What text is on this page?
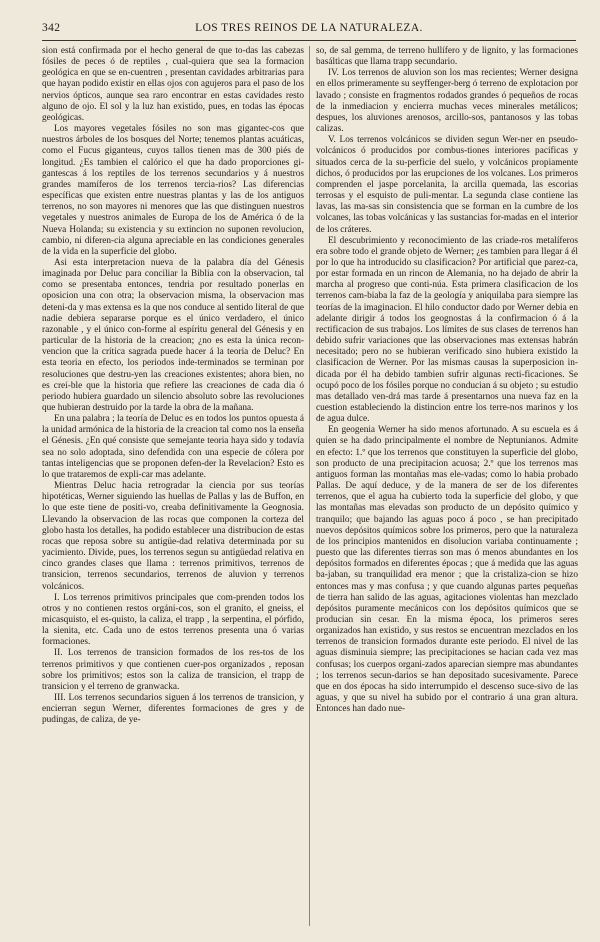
342	LOS TRES REINOS DE LA NATURALEZA.

sion está confirmada por el hecho general de que to-das las cabezas fósiles de peces ó de reptiles , cual-quiera que sea la formacion geológica en que se en-cuentren , presentan cavidades arbitrarias para que hayan podido existir en ellas ojos con agujeros para el paso de los nervios ópticos, aunque sea raro encontrar en estas cavidades resto alguno de ojo. El sol y la luz han existido, pues, en todas las épocas geológicas.

Los mayores vegetales fósiles no son mas giganteс-cos que nuestros árboles de los bosques del Norte; tenemos plantas acuáticas, como el Fucus giganteus, cuyos tallos tienen mas de 300 piés de longitud. ¿Es tambien el calórico el que ha dado proporciones gi-gantescas á los reptiles de los terrenos secundarios y á nuestros grandes mamíferos de los terrenos tercia-rios? Las diferencias específicas que existen entre nuestras plantas y las de los antiguos terrenos, no son mayores ni menores que las que distinguen nuestros vegetales y nuestros animales de Europa de los de América ó de la Nueva Holanda; su existencia y su extincion no suponen revolucion, cambio, ni diferen-cia alguna apreciable en las condiciones generales de la vida en la superficie del globo.

Asi esta interpretacion nueva de la palabra día del Génesis imaginada por Deluc para conciliar la Biblia con la observacion, tal como se presentaba entonces, tendria por resultado ponerlas en oposicion una con otra; la observacion misma, la observacion mas deteni-da y mas extensa es la que nos conduce al sentido literal de que nadie debiera separarse porque es el único verdadero, el único razonable , y el único con-forme al espíritu general del Génesis y en particular de la historia de la creacion; ¿no es esta la única recon-vencion que la crítica sagrada puede hacer á la teoria de Deluc? En esta teoria en efecto, los periodos inde-terminados se terminan por resoluciones que destru-yen las creaciones existentes; ahora bien, no es creí-ble que la historia que refiere las creaciones de cada dia ó periodo hubiera guardado un silencio absoluto sobre las revoluciones que hubieran destruido por la tarde la obra de la mañana.

En una palabra ; la teoría de Deluc es en todos los puntos opuesta á la unidad armónica de la historia de la creacion tal como nos la enseña el Génesis. ¿En qué consiste que semejante teoria haya sido y todavía sea no solo adoptada, sino defendida con una especie de cólera por tantas inteligencias que se proponen defen-der la Revelacion? Esto es lo que trataremos de expli-car mas adelante.

Mientras Deluc hacia retrogradar la ciencia por sus teorías hipotéticas, Werner siguiendo las huellas de Pallas y las de Buffon, en lo que este tiene de positi-vo, creaba definitivamente la Geognosia. Llevando la observacion de las rocas que componen la corteza del globo hasta los detalles, ha podido establecer una distribucion de estas rocas que reposa sobre su antigüe-dad relativa determinada por su yacimiento. Divide, pues, los terrenos segun su antigüedad relativa en cinco grandes clases que llama : terrenos primitivos, terrenos de transicion, terrenos secundarios, terrenos de aluvion y terrenos volcánicos.

I. Los terrenos primitivos principales que com-prenden todos los otros y no contienen restos orgáni-cos, son el granito, el gneiss, el micasquisto, el es-quisto, la caliza, el trapp , la serpentina, el pórfido, la sienita, etc. Cada uno de estos terrenos presenta una ó varias formaciones.

II. Los terrenos de transicion formados de los res-tos de los terrenos primitivos y que contienen cuer-pos organizados , reposan sobre los primitivos; estos son la caliza de transicion, el trapp de transicion y el terreno de granwacka.

III. Los terrenos secundarios siguen á los terrenos de transicion, y encierran segun Werner, diferentes formaciones de gres y de pudingas, de caliza, de ye-

so, de sal gemma, de terreno hullífero y de lignito, y las formaciones basálticas que llama trapp secundario.

IV. Los terrenos de aluvion son los mas recientes; Werner designa en ellos primeramente su seyffenger-berg ó terreno de explotacion por lavado ; consiste en fragmentos rodados grandes ó pequeños de rocas de la inmediacion y encierra muchas veces minerales metálicos; despues, los aluviones arenosos, arcillo-sos, pantanosos y las tobas calizas.

V. Los terrenos volcánicos se dividen segun Wer-ner en pseudo-volcánicos ó producidos por combus-tiones interiores pacíficas y situados cerca de la su-perficie del suelo, y volcánicos propiamente dichos, ó producidos por las erupciones de los volcanes. Los primeros comprenden el jaspe porcelanita, la arcilla quemada, las escorias terrosas y el esquisto de puli-mentar. La segunda clase contiene las lavas, las ma-sas sin consistencia que se forman en la cumbre de los volcanes, las tobas volcánicas y las sustancias for-madas en el interior de los cráteres.

El descubrimiento y reconocimiento de las criade-ros metalíferos era sobre todo el grande objeto de Werner; ¿es tambien para llegar á él por lo que ha introducido su clasificacion? Por artificial que parez-ca, por estar formada en un rincon de Alemania, no ha dejado de abrir la marcha al progreso que conti-núa. Esta primera clasificacion de los terrenos cam-biaba la faz de la geología y aniquilaba para siempre las teorías de la imaginacion. El hilo conductor dado por Werner debia en adelante dirigir á todos los geognostas á la confirmacion ó á la rectificacion de sus trabajos. Los límites de sus clases de terrenos han debido sufrir variaciones que las observaciones mas extensas habrán necesitado; pero no se hubieran verificado sino hubiera existido la clasificacion de Werner. Por las mismas causas la superposicion in-dicada por él ha debido tambien sufrir algunas recti-ficaciones. Se ocupó poco de los fósiles porque no conducian á su objeto ; su estudio mas detallado ven-drá mas tarde á presentarnos una nueva faz en la cuestion estableciendo la distincion entre los terre-nos marinos y los de agua dulce.

En geogenia Werner ha sido menos afortunado. A su escuela es á quien se ha dado principalmente el nombre de Neptunianos. Admite en efecto: 1.º que los terrenos que constituyen la superficie del globo, son producto de una precipitacion acuosa; 2.º que los terrenos mas antiguos forman las montañas mas ele-vadas; como lo habia probado Pallas. De aquí deduce, y de la manera de ser de los diferentes terrenos, que el agua ha cubierto toda la superficie del globo, y que las montañas mas elevadas son producto de un depósito químico y tranquilo; que bajando las aguas poco á poco , se han precipitado nuevos depósitos químicos sobre los primeros, pero que la naturaleza de los principios mantenidos en disolucion variaba continuamente ; puesto que las diferentes tierras son mas ó menos abundantes en los depósitos formados en diferentes épocas ; que á medida que las aguas ba-jaban, su tranquilidad era menor ; que la cristaliza-cion se hizo entonces mas y mas confusa ; y que cuando algunas partes pequeñas de tierra han salido de las aguas, agitaciones violentas han mezclado depósitos puramente mecánicos con los depósitos químicos que se producian sin cesar. En la misma época, los primeros seres organizados han existido, y sus restos se encuentran mezclados en los terrenos de transicion formados durante este periodo. El nivel de las aguas disminuia siempre; las precipitaciones se hacian cada vez mas confusas; los cuerpos organi-zados aparecian siempre mas abundantes ; los terrenos secun-darios se han depositado sucesivamente. Parece que en dos épocas ha sido interrumpido el descenso suce-sivo de las aguas, y que su nivel ha subido por el contrario á una gran altura. Entonces han dado nue-
